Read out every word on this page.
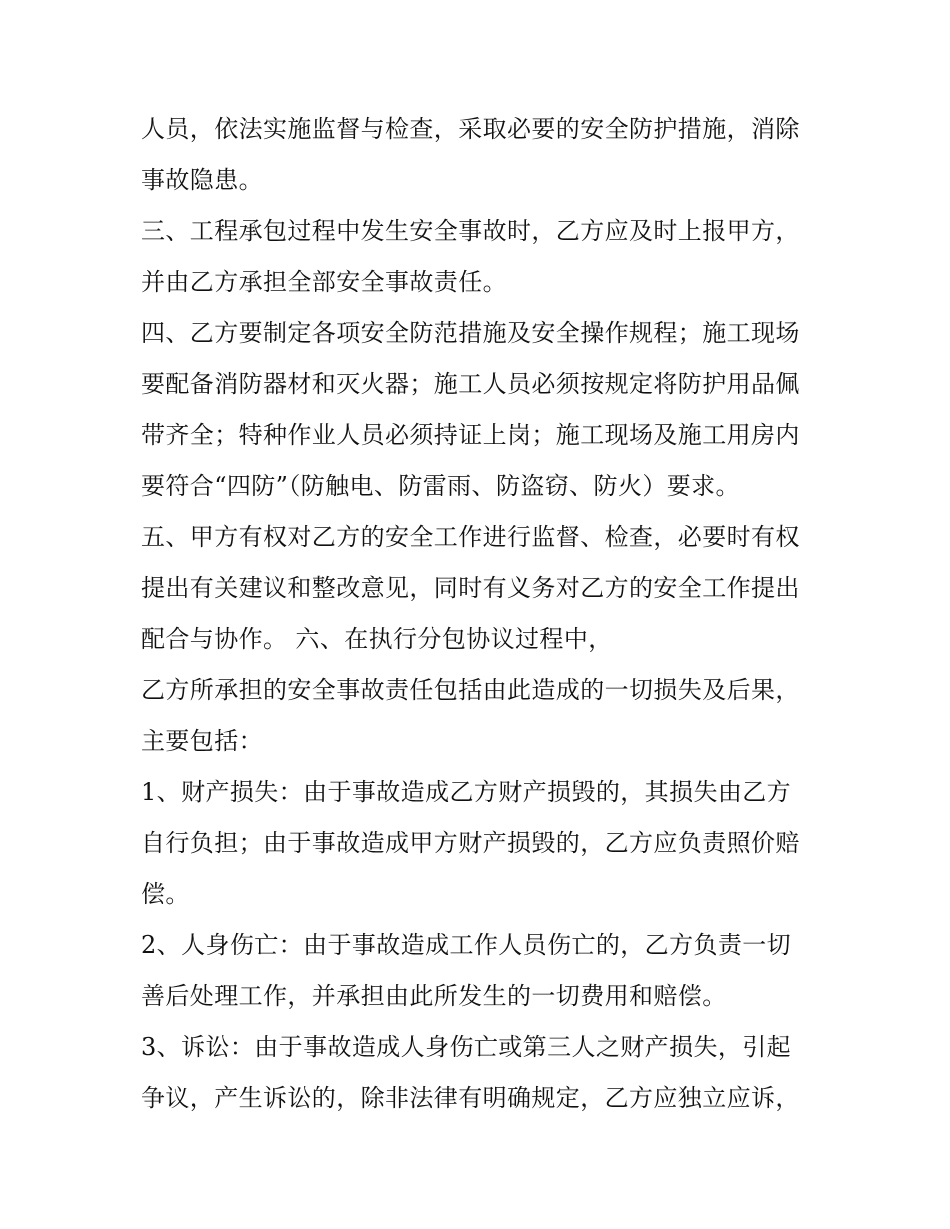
人员，依法实施监督与检查，采取必要的安全防护措施，消除
事故隐患。
三、工程承包过程中发生安全事故时，乙方应及时上报甲方，
并由乙方承担全部安全事故责任。
四、乙方要制定各项安全防范措施及安全操作规程；施工现场
要配备消防器材和灭火器；施工人员必须按规定将防护用品佩
带齐全；特种作业人员必须持证上岗；施工现场及施工用房内
要符合“四防”（防触电、防雷雨、防盗窃、防火）要求。
五、甲方有权对乙方的安全工作进行监督、检查，必要时有权
提出有关建议和整改意见，同时有义务对乙方的安全工作提出
配合与协作。 六、在执行分包协议过程中，
乙方所承担的安全事故责任包括由此造成的一切损失及后果，
主要包括：
1、财产损失：由于事故造成乙方财产损毁的，其损失由乙方
自行负担；由于事故造成甲方财产损毁的，乙方应负责照价赔
偿。
2、人身伤亡：由于事故造成工作人员伤亡的，乙方负责一切
善后处理工作，并承担由此所发生的一切费用和赔偿。
3、诉讼：由于事故造成人身伤亡或第三人之财产损失，引起
争议，产生诉讼的，除非法律有明确规定，乙方应独立应诉，
